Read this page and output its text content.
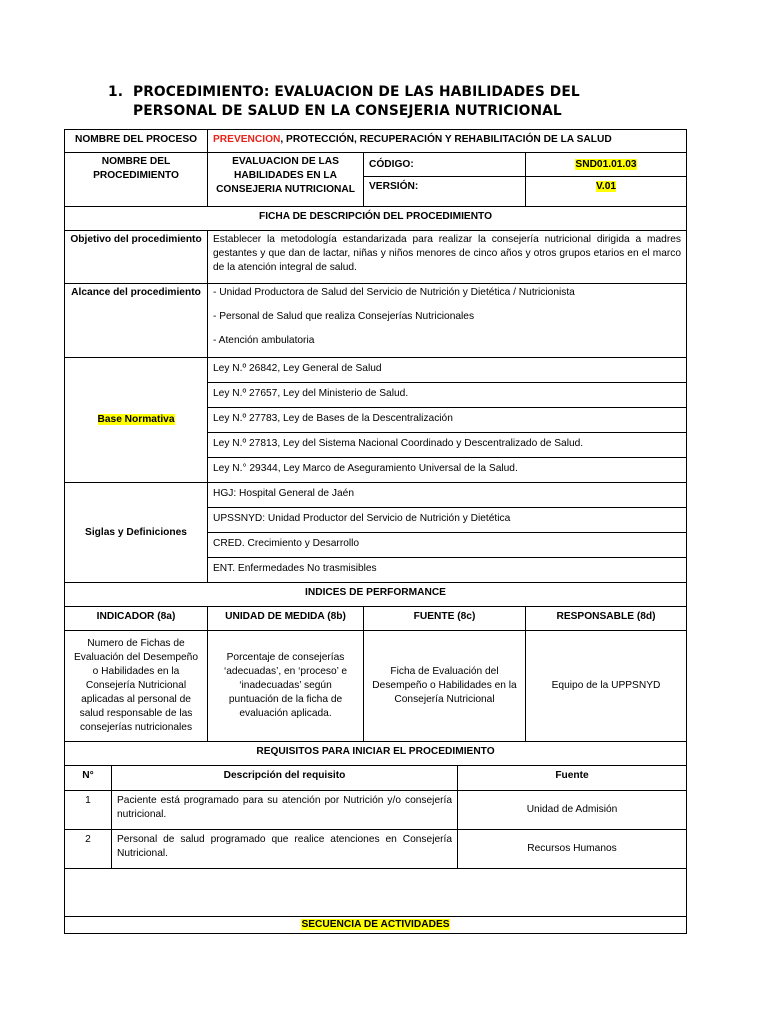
1. PROCEDIMIENTO: EVALUACION DE LAS HABILIDADES DEL PERSONAL DE SALUD EN LA CONSEJERIA NUTRICIONAL
NOMBRE DEL PROCESO		PREVENCION, PROTECCIÓN, RECUPERACIÓN Y REHABILITACIÓN DE LA SALUD			
NOMBRE DEL PROCEDIMIENTO		EVALUACION DE LAS HABILIDADES EN LA CONSEJERIA NUTRICIONAL	CÓDIGO:		SND01.01.03
			VERSIÓN:		V.01
FICHA DE DESCRIPCIÓN DEL PROCEDIMIENTO					
Objetivo del procedimiento		Establecer la metodología estandarizada para realizar la consejería nutricional dirigida a madres gestantes y que dan de lactar, niñas y niños menores de cinco años y otros grupos etarios en el marco de la atención integral de salud.			
Alcance del procedimiento		- Unidad Productora de Salud del Servicio de Nutrición y Dietética / Nutricionista
- Personal de Salud que realiza Consejerías Nutricionales
- Atención ambulatoria			

Base Normativa		Ley N.º 26842, Ley General de Salud			
		Ley N.º 27657, Ley del Ministerio de Salud.			
		Ley N.º 27783, Ley de Bases de la Descentralización			
		Ley N.º 27813, Ley del Sistema Nacional Coordinado y Descentralizado de Salud.			
		Ley N.° 29344, Ley Marco de Aseguramiento Universal de la Salud.			
Siglas y Definiciones		HGJ: Hospital General de Jaén			
		UPSSNYD: Unidad Productor del Servicio de Nutrición y Dietética			
		CRED. Crecimiento y Desarrollo			
		ENT. Enfermedades No trasmisibles			
INDICES DE PERFORMANCE					
INDICADOR (8a)		UNIDAD DE MEDIDA (8b)	FUENTE (8c)		RESPONSABLE (8d)
Numero de Fichas de Evaluación del Desempeño o Habilidades en la Consejería Nutricional aplicadas al personal de salud responsable de las consejerías nutricionales		Porcentaje de consejerías ‘adecuadas’, en ‘proceso’ e ‘inadecuadas’ según puntuación de la ficha de evaluación aplicada.	Ficha de Evaluación del Desempeño o Habilidades en la Consejería Nutricional		Equipo de la UPPSNYD
REQUISITOS PARA INICIAR EL PROCEDIMIENTO					
N°	Descripción del requisito			Fuente	
1	Paciente está programado para su atención por Nutrición y/o consejería nutricional.			Unidad de Admisión	
2	Personal de salud programado que realice atenciones en Consejería Nutricional.			Recursos Humanos	

SECUENCIA DE ACTIVIDADES					
